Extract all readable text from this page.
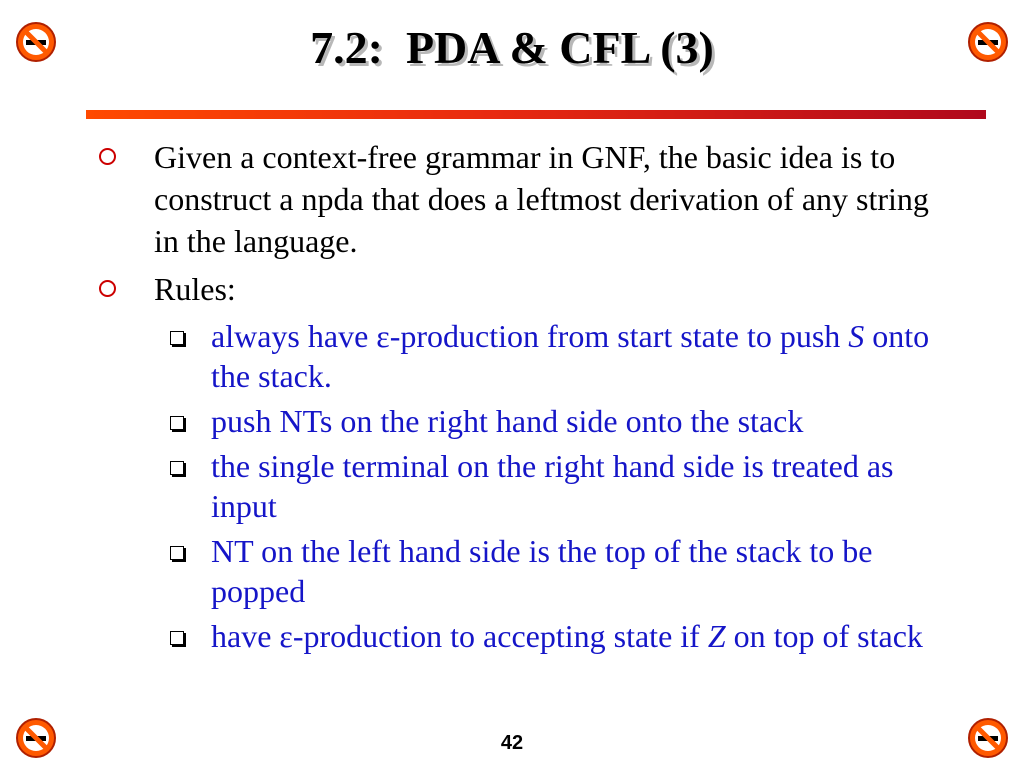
7.2:  PDA & CFL (3)
Given a context-free grammar in GNF, the basic idea is to construct a npda that does a leftmost derivation of any string in the language.
Rules:
always have ε-production from start state to push S onto the stack.
push NTs on the right hand side onto the stack
the single terminal on the right hand side is treated as input
NT on the left hand side is the top of the stack to be popped
have ε-production to accepting state if Z on top of stack
42
